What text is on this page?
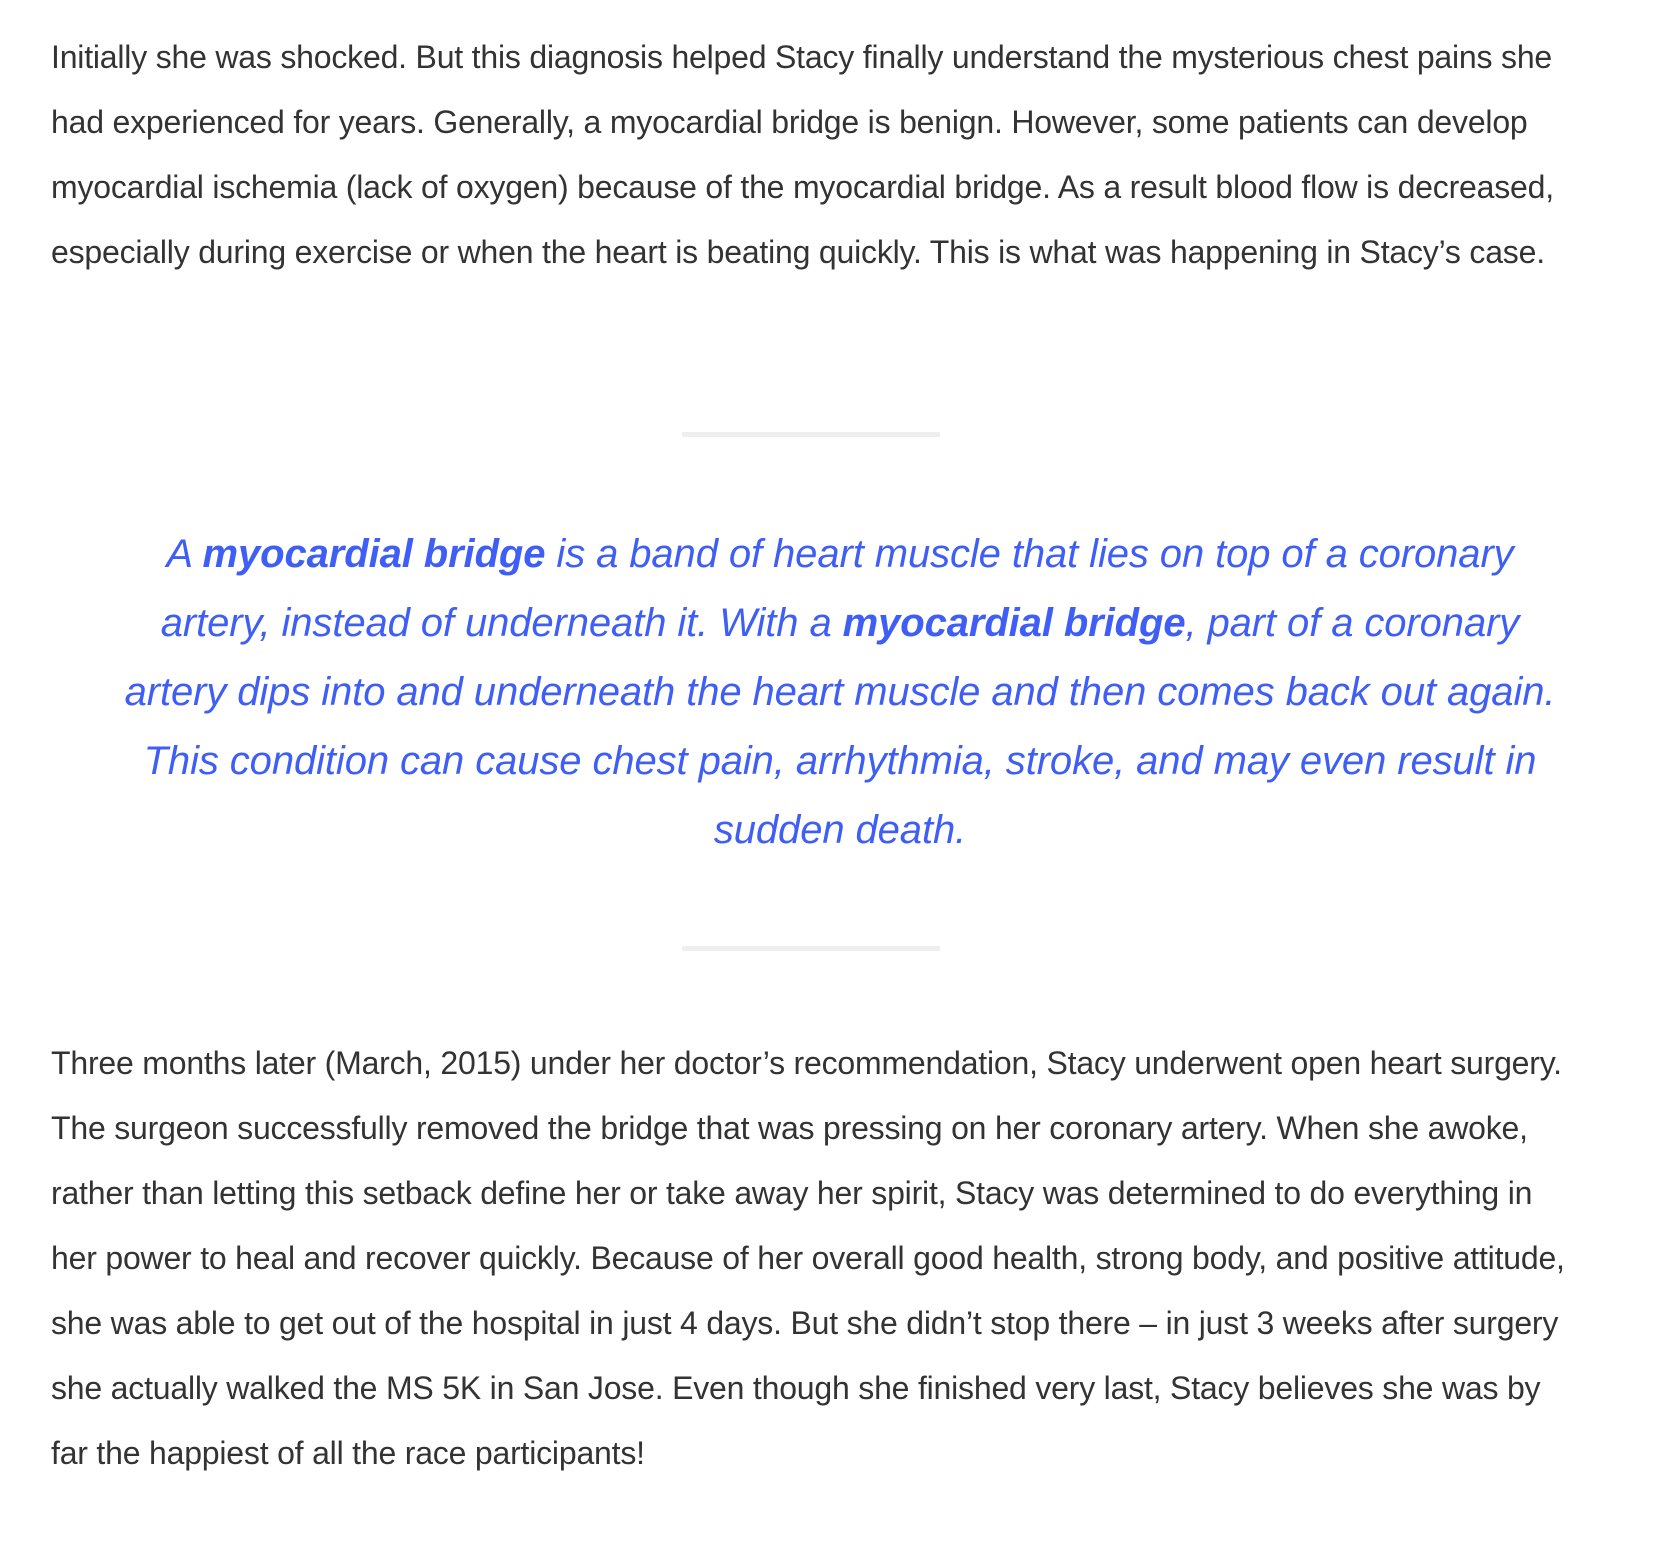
Initially she was shocked. But this diagnosis helped Stacy finally understand the mysterious chest pains she had experienced for years. Generally, a myocardial bridge is benign. However, some patients can develop myocardial ischemia (lack of oxygen) because of the myocardial bridge. As a result blood flow is decreased, especially during exercise or when the heart is beating quickly. This is what was happening in Stacy’s case.

A myocardial bridge is a band of heart muscle that lies on top of a coronary artery, instead of underneath it. With a myocardial bridge, part of a coronary artery dips into and underneath the heart muscle and then comes back out again. This condition can cause chest pain, arrhythmia, stroke, and may even result in sudden death.

Three months later (March, 2015) under her doctor’s recommendation, Stacy underwent open heart surgery. The surgeon successfully removed the bridge that was pressing on her coronary artery. When she awoke, rather than letting this setback define her or take away her spirit, Stacy was determined to do everything in her power to heal and recover quickly. Because of her overall good health, strong body, and positive attitude, she was able to get out of the hospital in just 4 days. But she didn’t stop there – in just 3 weeks after surgery she actually walked the MS 5K in San Jose. Even though she finished very last, Stacy believes she was by far the happiest of all the race participants!
